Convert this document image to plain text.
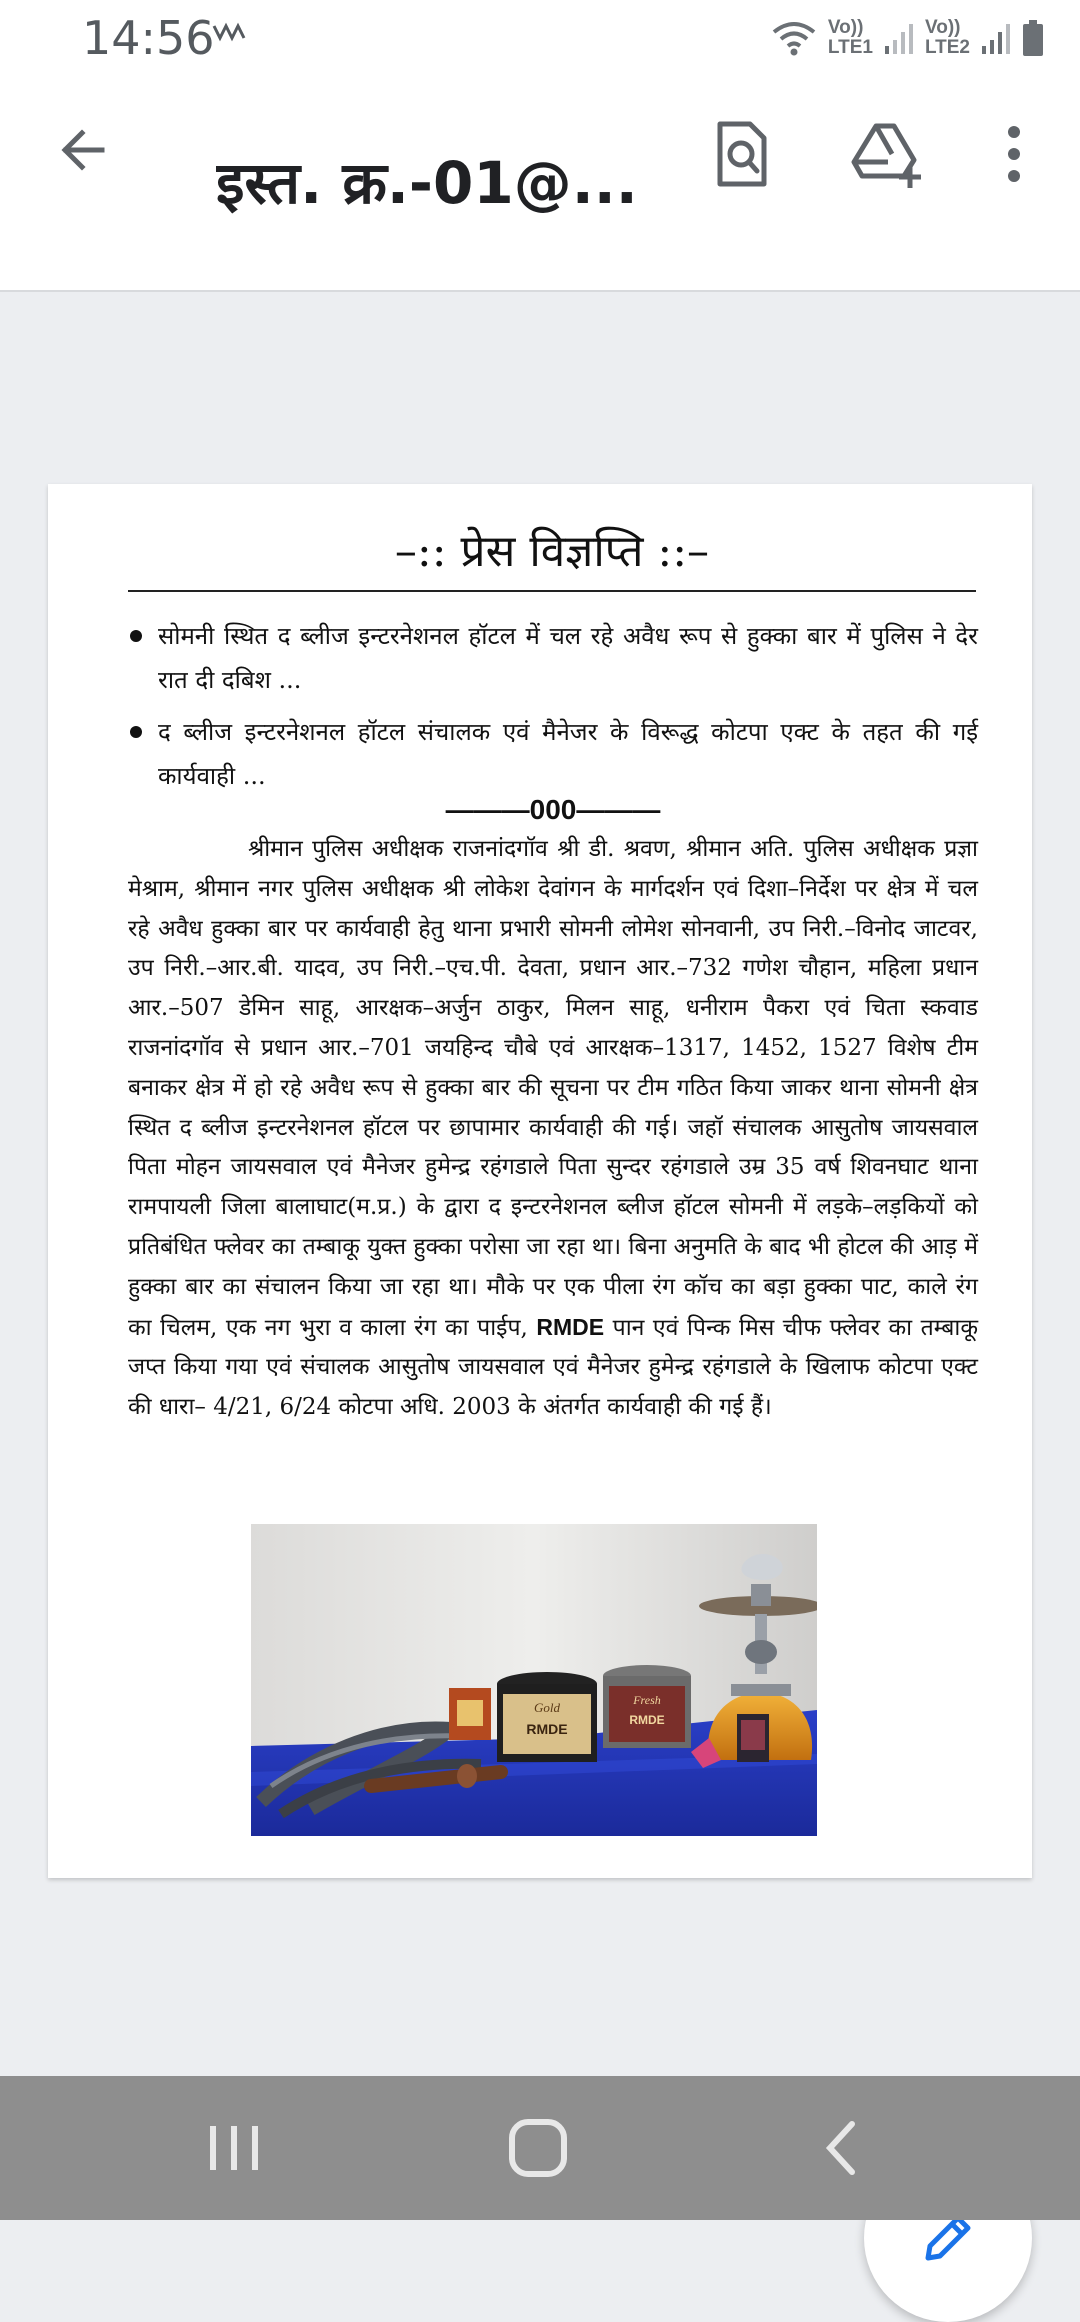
14:56	Vo))
LTE1
Vo))
LTE2
इस्त. क्र.-01@...
–:: प्रेस विज्ञप्ति ::–
सोमनी स्थित द ब्लीज इन्टरनेशनल हॉटल में चल रहे अवैध रूप से हुक्का बार में पुलिस ने देर रात दी दबिश ...
द ब्लीज इन्टरनेशनल हॉटल संचालक एवं मैनेजर के विरूद्ध कोटपा एक्ट के तहत की गई कार्यवाही ...
———000———

श्रीमान पुलिस अधीक्षक राजनांदगॉव श्री डी. श्रवण, श्रीमान अति. पुलिस अधीक्षक प्रज्ञा मेश्राम, श्रीमान नगर पुलिस अधीक्षक श्री लोकेश देवांगन के मार्गदर्शन एवं दिशा–निर्देश पर क्षेत्र में चल रहे अवैध हुक्का बार पर कार्यवाही हेतु थाना प्रभारी सोमनी लोमेश सोनवानी, उप निरी.–विनोद जाटवर, उप निरी.–आर.बी. यादव, उप निरी.–एच.पी. देवता, प्रधान आर.–732 गणेश चौहान, महिला प्रधान आर.–507 डेमिन साहू, आरक्षक–अर्जुन ठाकुर, मिलन साहू, धनीराम पैकरा एवं चिता स्कवाड राजनांदगॉव से प्रधान आर.–701 जयहिन्द चौबे एवं आरक्षक–1317, 1452, 1527 विशेष टीम बनाकर क्षेत्र में हो रहे अवैध रूप से हुक्का बार की सूचना पर टीम गठित किया जाकर थाना सोमनी क्षेत्र स्थित द ब्लीज इन्टरनेशनल हॉटल पर छापामार कार्यवाही की गई। जहॉ संचालक आसुतोष जायसवाल पिता मोहन जायसवाल एवं मैनेजर हुमेन्द्र रहंगडाले पिता सुन्दर रहंगडाले उम्र 35 वर्ष शिवनघाट थाना रामपायली जिला बालाघाट(म.प्र.) के द्वारा द इन्टरनेशनल ब्लीज हॉटल सोमनी में लड़के–लड़कियों को प्रतिबंधित फ्लेवर का तम्बाकू युक्त हुक्का परोसा जा रहा था। बिना अनुमति के बाद भी होटल की आड़ में हुक्का बार का संचालन किया जा रहा था। मौके पर एक पीला रंग कॉच का बड़ा हुक्का पाट, काले रंग का चिलम, एक नग भुरा व काला रंग का पाईप, RMDE पान एवं पिन्क मिस चीफ फ्लेवर का तम्बाकू जप्त किया गया एवं संचालक आसुतोष जायसवाल एवं मैनेजर हुमेन्द्र रहंगडाले के खिलाफ कोटपा एक्ट की धारा– 4/21, 6/24 कोटपा अधि. 2003 के अंतर्गत कार्यवाही की गई हैं।

Gold
RMDE
Fresh
RMDE
